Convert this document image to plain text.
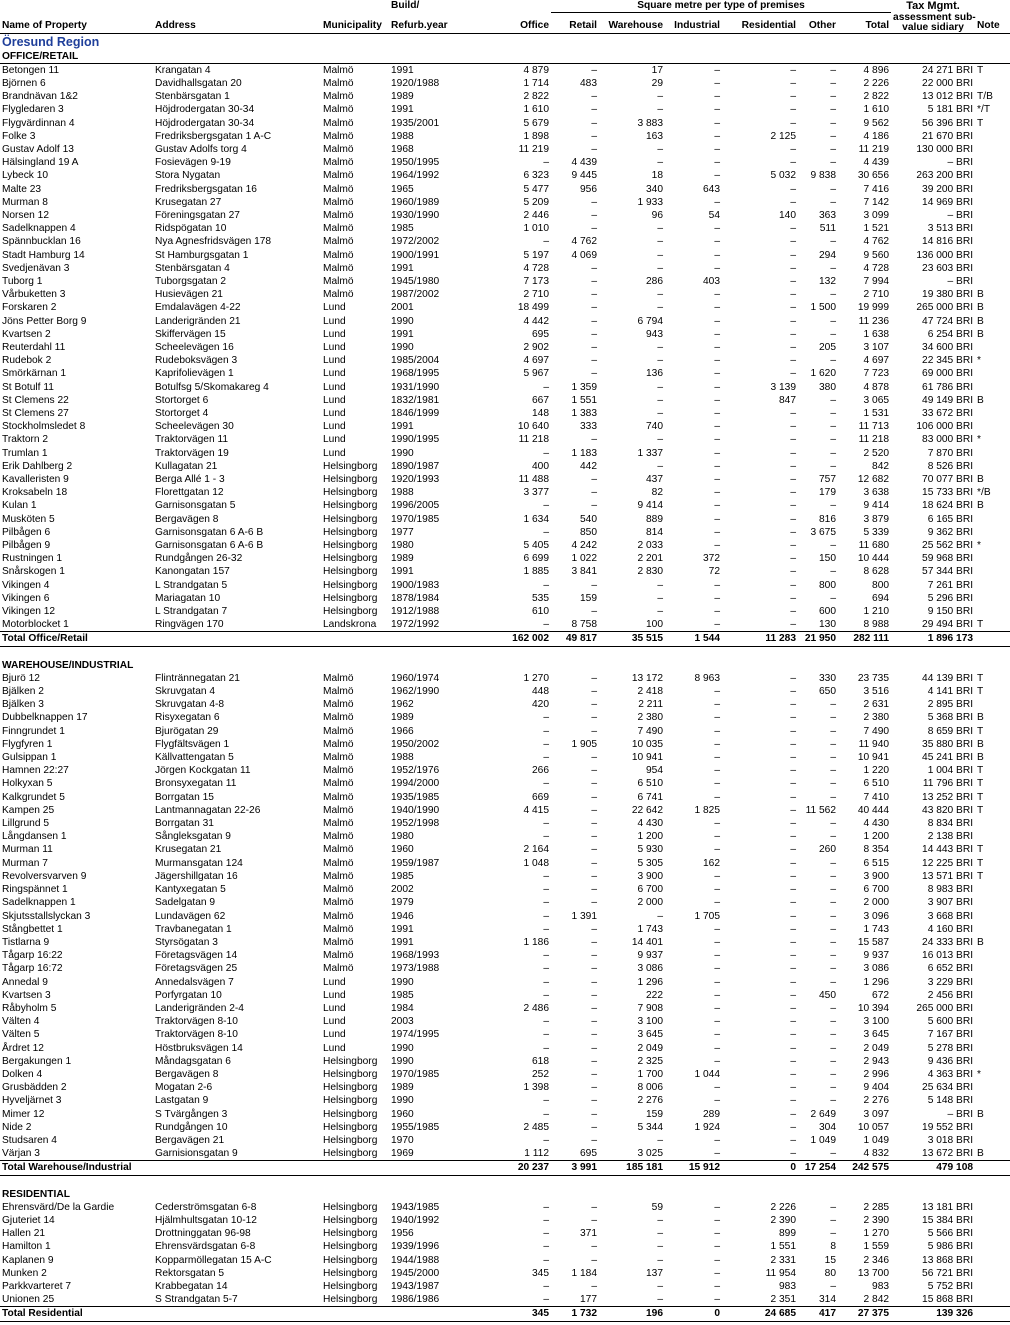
			Build/		Square metre per type of premises						Tax Mgmt.	
Name of Property	Address	Municipality	Refurb.year	Office	Retail	Warehouse	Industrial	Residential	Other	Total	assessment sub-
value sidiary	Note
Öresund Region												
OFFICE/RETAIL												
Betongen 11	Krangatan 4	Malmö	1991	4 879	–	17	–	–	–	4 896	24 271 BRI	T
Björnen 6	Davidhallsgatan 20	Malmö	1920/1988	1 714	483	29	–	–	–	2 226	22 000 BRI	
Brandnävan 1&2	Stenbärsgatan 1	Malmö	1989	2 822	–	–	–	–	–	2 822	13 012 BRI	T/B
Flygledaren 3	Höjdrodergatan 30-34	Malmö	1991	1 610	–	–	–	–	–	1 610	5 181 BRI	*/T
Flygvärdinnan 4	Höjdrodergatan 30-34	Malmö	1935/2001	5 679	–	3 883	–	–	–	9 562	56 396 BRI	T
Folke 3	Fredriksbergsgatan 1 A-C	Malmö	1988	1 898	–	163	–	2 125	–	4 186	21 670 BRI	
Gustav Adolf 13	Gustav Adolfs torg 4	Malmö	1968	11 219	–	–	–	–	–	11 219	130 000 BRI	
Hälsingland 19 A	Fosievägen 9-19	Malmö	1950/1995	–	4 439	–	–	–	–	4 439	– BRI	
Lybeck 10	Stora Nygatan	Malmö	1964/1992	6 323	9 445	18	–	5 032	9 838	30 656	263 200 BRI	
Malte 23	Fredriksbergsgatan 16	Malmö	1965	5 477	956	340	643	–	–	7 416	39 200 BRI	
Murman 8	Krusegatan 27	Malmö	1960/1989	5 209	–	1 933	–	–	–	7 142	14 969 BRI	
Norsen 12	Föreningsgatan 27	Malmö	1930/1990	2 446	–	96	54	140	363	3 099	– BRI	
Sadelknappen 4	Ridspögatan 10	Malmö	1985	1 010	–	–	–	–	511	1 521	3 513 BRI	
Spännbucklan 16	Nya Agnesfridsvägen 178	Malmö	1972/2002	–	4 762	–	–	–	–	4 762	14 816 BRI	
Stadt Hamburg 14	St Hamburgsgatan 1	Malmö	1900/1991	5 197	4 069	–	–	–	294	9 560	136 000 BRI	
Svedjenävan 3	Stenbärsgatan 4	Malmö	1991	4 728	–	–	–	–	–	4 728	23 603 BRI	
Tuborg 1	Tuborgsgatan 2	Malmö	1945/1980	7 173	–	286	403	–	132	7 994	– BRI	
Vårbuketten 3	Husievägen 21	Malmö	1987/2002	2 710	–	–	–	–	–	2 710	19 380 BRI	B
Forskaren 2	Emdalavägen 4-22	Lund	2001	18 499	–	–	–	–	1 500	19 999	265 000 BRI	B
Jöns Petter Borg 9	Landerigränden 21	Lund	1990	4 442	–	6 794	–	–	–	11 236	47 724 BRI	B
Kvartsen 2	Skiffervägen 15	Lund	1991	695	–	943	–	–	–	1 638	6 254 BRI	B
Reuterdahl 11	Scheelevägen 16	Lund	1990	2 902	–	–	–	–	205	3 107	34 600 BRI	
Rudebok 2	Rudeboksvägen 3	Lund	1985/2004	4 697	–	–	–	–	–	4 697	22 345 BRI	*
Smörkärnan 1	Kaprifolievägen 1	Lund	1968/1995	5 967	–	136	–	–	1 620	7 723	69 000 BRI	
St Botulf 11	Botulfsg 5/Skomakareg 4	Lund	1931/1990	–	1 359	–	–	3 139	380	4 878	61 786 BRI	
St Clemens 22	Stortorget 6	Lund	1832/1981	667	1 551	–	–	847	–	3 065	49 149 BRI	B
St Clemens 27	Stortorget 4	Lund	1846/1999	148	1 383	–	–	–	–	1 531	33 672 BRI	
Stockholmsledet 8	Scheelevägen 30	Lund	1991	10 640	333	740	–	–	–	11 713	106 000 BRI	
Traktorn 2	Traktorvägen 11	Lund	1990/1995	11 218	–	–	–	–	–	11 218	83 000 BRI	*
Trumlan 1	Traktorvägen 19	Lund	1990	–	1 183	1 337	–	–	–	2 520	7 870 BRI	
Erik Dahlberg 2	Kullagatan 21	Helsingborg	1890/1987	400	442	–	–	–	–	842	8 526 BRI	
Kavalleristen 9	Berga Allé 1 - 3	Helsingborg	1920/1993	11 488	–	437	–	–	757	12 682	70 077 BRI	B
Kroksabeln 18	Florettgatan 12	Helsingborg	1988	3 377	–	82	–	–	179	3 638	15 733 BRI	*/B
Kulan 1	Garnisonsgatan 5	Helsingborg	1996/2005	–	–	9 414	–	–	–	9 414	18 624 BRI	B
Musköten 5	Bergavägen 8	Helsingborg	1970/1985	1 634	540	889	–	–	816	3 879	6 165 BRI	
Pilbågen 6	Garnisonsgatan 6 A-6 B	Helsingborg	1977	–	850	814	–	–	3 675	5 339	9 362 BRI	
Pilbågen 9	Garnisonsgatan 6 A-6 B	Helsingborg	1980	5 405	4 242	2 033	–	–	–	11 680	25 562 BRI	*
Rustningen 1	Rundgången 26-32	Helsingborg	1989	6 699	1 022	2 201	372	–	150	10 444	59 968 BRI	
Snårskogen 1	Kanongatan 157	Helsingborg	1991	1 885	3 841	2 830	72	–	–	8 628	57 344 BRI	
Vikingen 4	L Strandgatan 5	Helsingborg	1900/1983	–	–	–	–	–	800	800	7 261 BRI	
Vikingen 6	Mariagatan 10	Helsingborg	1878/1984	535	159	–	–	–	–	694	5 296 BRI	
Vikingen 12	L Strandgatan 7	Helsingborg	1912/1988	610	–	–	–	–	600	1 210	9 150 BRI	
Motorblocket 1	Ringvägen 170	Landskrona	1972/1992	–	8 758	100	–	–	130	8 988	29 494 BRI	T
Total Office/Retail				162 002	49 817	35 515	1 544	11 283	21 950	282 111	1 896 173	

WAREHOUSE/INDUSTRIAL												
Bjurö 12	Flintrännegatan 21	Malmö	1960/1974	1 270	–	13 172	8 963	–	330	23 735	44 139 BRI	T
Bjälken 2	Skruvgatan 4	Malmö	1962/1990	448	–	2 418	–	–	650	3 516	4 141 BRI	T
Bjälken 3	Skruvgatan 4-8	Malmö	1962	420	–	2 211	–	–	–	2 631	2 895 BRI	
Dubbelknappen 17	Risyxegatan 6	Malmö	1989	–	–	2 380	–	–	–	2 380	5 368 BRI	B
Finngrundet 1	Bjurögatan 29	Malmö	1966	–	–	7 490	–	–	–	7 490	8 659 BRI	T
Flygfyren 1	Flygfältsvägen 1	Malmö	1950/2002	–	1 905	10 035	–	–	–	11 940	35 880 BRI	B
Gulsippan 1	Källvattengatan 5	Malmö	1988	–	–	10 941	–	–	–	10 941	45 241 BRI	B
Hamnen 22:27	Jörgen Kockgatan 11	Malmö	1952/1976	266	–	954	–	–	–	1 220	1 004 BRI	T
Holkyxan 5	Bronsyxegatan 11	Malmö	1994/2000	–	–	6 510	–	–	–	6 510	11 796 BRI	T
Kalkgrundet 5	Borrgatan 15	Malmö	1935/1985	669	–	6 741	–	–	–	7 410	13 252 BRI	T
Kampen 25	Lantmannagatan 22-26	Malmö	1940/1990	4 415	–	22 642	1 825	–	11 562	40 444	43 820 BRI	T
Lillgrund 5	Borrgatan 31	Malmö	1952/1998	–	–	4 430	–	–	–	4 430	8 834 BRI	
Långdansen 1	Sångleksgatan 9	Malmö	1980	–	–	1 200	–	–	–	1 200	2 138 BRI	
Murman 11	Krusegatan 21	Malmö	1960	2 164	–	5 930	–	–	260	8 354	14 443 BRI	T
Murman 7	Murmansgatan 124	Malmö	1959/1987	1 048	–	5 305	162	–	–	6 515	12 225 BRI	T
Revolversvarven 9	Jägershillgatan 16	Malmö	1985	–	–	3 900	–	–	–	3 900	13 571 BRI	T
Ringspännet 1	Kantyxegatan 5	Malmö	2002	–	–	6 700	–	–	–	6 700	8 983 BRI	
Sadelknappen 1	Sadelgatan 9	Malmö	1979	–	–	2 000	–	–	–	2 000	3 907 BRI	
Skjutsstallslyckan 3	Lundavägen 62	Malmö	1946	–	1 391	–	1 705	–	–	3 096	3 668 BRI	
Stångbettet 1	Travbanegatan 1	Malmö	1991	–	–	1 743	–	–	–	1 743	4 160 BRI	
Tistlarna 9	Styrsögatan 3	Malmö	1991	1 186	–	14 401	–	–	–	15 587	24 333 BRI	B
Tågarp 16:22	Företagsvägen 14	Malmö	1968/1993	–	–	9 937	–	–	–	9 937	16 013 BRI	
Tågarp 16:72	Företagsvägen 25	Malmö	1973/1988	–	–	3 086	–	–	–	3 086	6 652 BRI	
Annedal 9	Annedalsvägen 7	Lund	1990	–	–	1 296	–	–	–	1 296	3 229 BRI	
Kvartsen 3	Porfyrgatan 10	Lund	1985	–	–	222	–	–	450	672	2 456 BRI	
Råbyholm 5	Landerigränden 2-4	Lund	1984	2 486	–	7 908	–	–	–	10 394	265 000 BRI	
Välten 4	Traktorvägen 8-10	Lund	2003	–	–	3 100	–	–	–	3 100	5 600 BRI	
Välten 5	Traktorvägen 8-10	Lund	1974/1995	–	–	3 645	–	–	–	3 645	7 167 BRI	
Årdret 12	Höstbruksvägen 14	Lund	1990	–	–	2 049	–	–	–	2 049	5 278 BRI	
Bergakungen 1	Måndagsgatan 6	Helsingborg	1990	618	–	2 325	–	–	–	2 943	9 436 BRI	
Dolken 4	Bergavägen 8	Helsingborg	1970/1985	252	–	1 700	1 044	–	–	2 996	4 363 BRI	*
Grusbädden 2	Mogatan 2-6	Helsingborg	1989	1 398	–	8 006	–	–	–	9 404	25 634 BRI	
Hyveljärnet 3	Lastgatan 9	Helsingborg	1990	–	–	2 276	–	–	–	2 276	5 148 BRI	
Mimer 12	S Tvärgången 3	Helsingborg	1960	–	–	159	289	–	2 649	3 097	– BRI	B
Nide 2	Rundgången 10	Helsingborg	1955/1985	2 485	–	5 344	1 924	–	304	10 057	19 552 BRI	
Studsaren 4	Bergavägen 21	Helsingborg	1970	–	–	–	–	–	1 049	1 049	3 018 BRI	
Värjan 3	Garnisionsgatan 9	Helsingborg	1969	1 112	695	3 025	–	–	–	4 832	13 672 BRI	B
Total Warehouse/Industrial				20 237	3 991	185 181	15 912	0	17 254	242 575	479 108	

RESIDENTIAL												
Ehrensvärd/De la Gardie	Cederströmsgatan 6-8	Helsingborg	1943/1985	–	–	59	–	2 226	–	2 285	13 181 BRI	
Gjuteriet 14	Hjälmhultsgatan 10-12	Helsingborg	1940/1992	–	–	–	–	2 390	–	2 390	15 384 BRI	
Hallen 21	Drottninggatan 96-98	Helsingborg	1956	–	371	–	–	899	–	1 270	5 566 BRI	
Hamilton 1	Ehrensvärdsgatan 6-8	Helsingborg	1939/1996	–	–	–	–	1 551	8	1 559	5 986 BRI	
Kaplanen 9	Kopparmöllegatan 15 A-C	Helsingborg	1944/1988	–	–	–	–	2 331	15	2 346	13 868 BRI	
Munken 2	Rektorsgatan 5	Helsingborg	1945/2000	345	1 184	137	–	11 954	80	13 700	56 721 BRI	
Parkkvarteret 7	Krabbegatan 14	Helsingborg	1943/1987	–	–	–	–	983	–	983	5 752 BRI	
Unionen 25	S Strandgatan 5-7	Helsingborg	1986/1986	–	177	–	–	2 351	314	2 842	15 868 BRI	
Total Residential				345	1 732	196	0	24 685	417	27 375	139 326	
